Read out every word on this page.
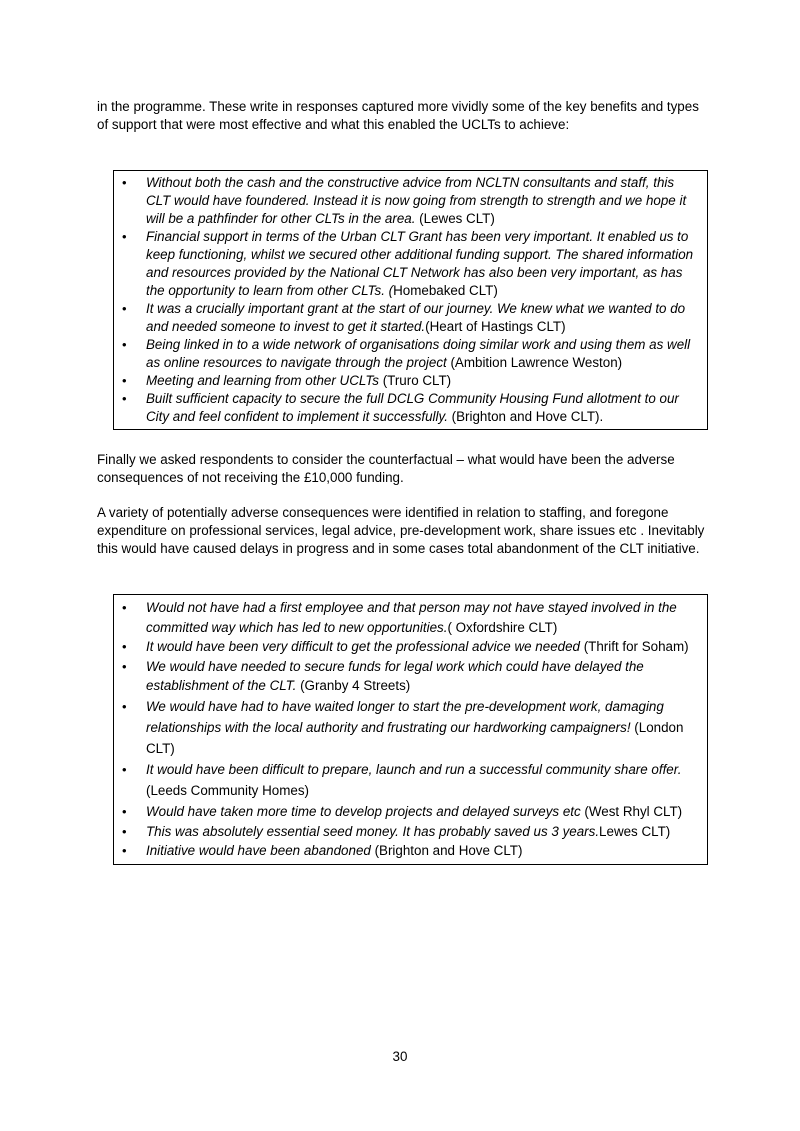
in the programme. These write in responses captured more vividly some of the key benefits and types of support that were most effective and what this enabled the UCLTs to achieve:

• Without both the cash and the constructive advice from NCLTN consultants and staff, this CLT would have foundered. Instead it is now going from strength to strength and we hope it will be a pathfinder for other CLTs in the area. (Lewes CLT)
• Financial support in terms of the Urban CLT Grant has been very important. It enabled us to keep functioning, whilst we secured other additional funding support. The shared information and resources provided by the National CLT Network has also been very important, as has the opportunity to learn from other CLTs. (Homebaked CLT)
• It was a crucially important grant at the start of our journey. We knew what we wanted to do and needed someone to invest to get it started.(Heart of Hastings CLT)
• Being linked in to a wide network of organisations doing similar work and using them as well as online resources to navigate through the project (Ambition Lawrence Weston)
• Meeting and learning from other UCLTs (Truro CLT)
• Built sufficient capacity to secure the full DCLG Community Housing Fund allotment to our City and feel confident to implement it successfully. (Brighton and Hove CLT).

Finally we asked respondents to consider the counterfactual – what would have been the adverse consequences of not receiving the £10,000 funding.

A variety of potentially adverse consequences were identified in relation to staffing, and foregone expenditure on professional services, legal advice, pre-development work, share issues etc . Inevitably this would have caused delays in progress and in some cases total abandonment of the CLT initiative.

• Would not have had a first employee and that person may not have stayed involved in the committed way which has led to new opportunities.( Oxfordshire CLT)
• It would have been very difficult to get the professional advice we needed (Thrift for Soham)
• We would have needed to secure funds for legal work which could have delayed the establishment of the CLT. (Granby 4 Streets)
• We would have had to have waited longer to start the pre-development work, damaging relationships with the local authority and frustrating our hardworking campaigners! (London CLT)
• It would have been difficult to prepare, launch and run a successful community share offer. (Leeds Community Homes)
• Would have taken more time to develop projects and delayed surveys etc (West Rhyl CLT)
• This was absolutely essential seed money. It has probably saved us 3 years.Lewes CLT)
• Initiative would have been abandoned (Brighton and Hove CLT)
30
